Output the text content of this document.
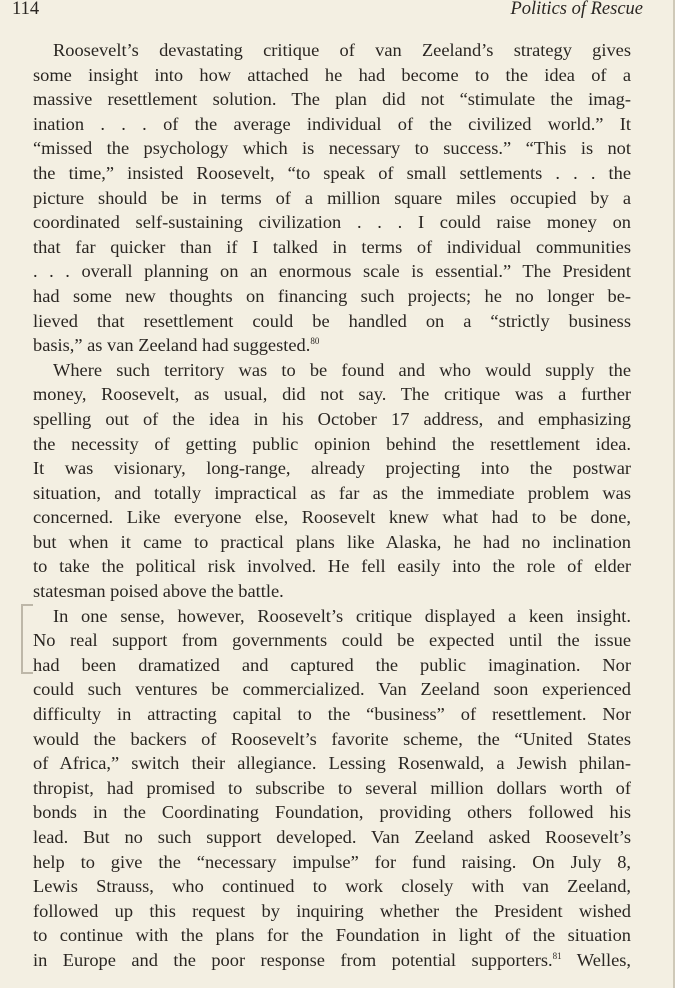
114	Politics of Rescue
Roosevelt’s devastating critique of van Zeeland’s strategy gives
some insight into how attached he had become to the idea of a
massive resettlement solution. The plan did not “stimulate the imag-
ination . . . of the average individual of the civilized world.” It
“missed the psychology which is necessary to success.” “This is not
the time,” insisted Roosevelt, “to speak of small settlements . . . the
picture should be in terms of a million square miles occupied by a
coordinated self-sustaining civilization . . . I could raise money on
that far quicker than if I talked in terms of individual communities
. . . overall planning on an enormous scale is essential.” The President
had some new thoughts on financing such projects; he no longer be-
lieved that resettlement could be handled on a “strictly business
basis,” as van Zeeland had suggested.$^{80}$
Where such territory was to be found and who would supply the
money, Roosevelt, as usual, did not say. The critique was a further
spelling out of the idea in his October 17 address, and emphasizing
the necessity of getting public opinion behind the resettlement idea.
It was visionary, long-range, already projecting into the postwar
situation, and totally impractical as far as the immediate problem was
concerned. Like everyone else, Roosevelt knew what had to be done,
but when it came to practical plans like Alaska, he had no inclination
to take the political risk involved. He fell easily into the role of elder
statesman poised above the battle.
In one sense, however, Roosevelt’s critique displayed a keen insight.
No real support from governments could be expected until the issue
had been dramatized and captured the public imagination. Nor
could such ventures be commercialized. Van Zeeland soon experienced
difficulty in attracting capital to the “business” of resettlement. Nor
would the backers of Roosevelt’s favorite scheme, the “United States
of Africa,” switch their allegiance. Lessing Rosenwald, a Jewish philan-
thropist, had promised to subscribe to several million dollars worth of
bonds in the Coordinating Foundation, providing others followed his
lead. But no such support developed. Van Zeeland asked Roosevelt’s
help to give the “necessary impulse” for fund raising. On July 8,
Lewis Strauss, who continued to work closely with van Zeeland,
followed up this request by inquiring whether the President wished
to continue with the plans for the Foundation in light of the situation
in Europe and the poor response from potential supporters.$^{81}$ Welles,
